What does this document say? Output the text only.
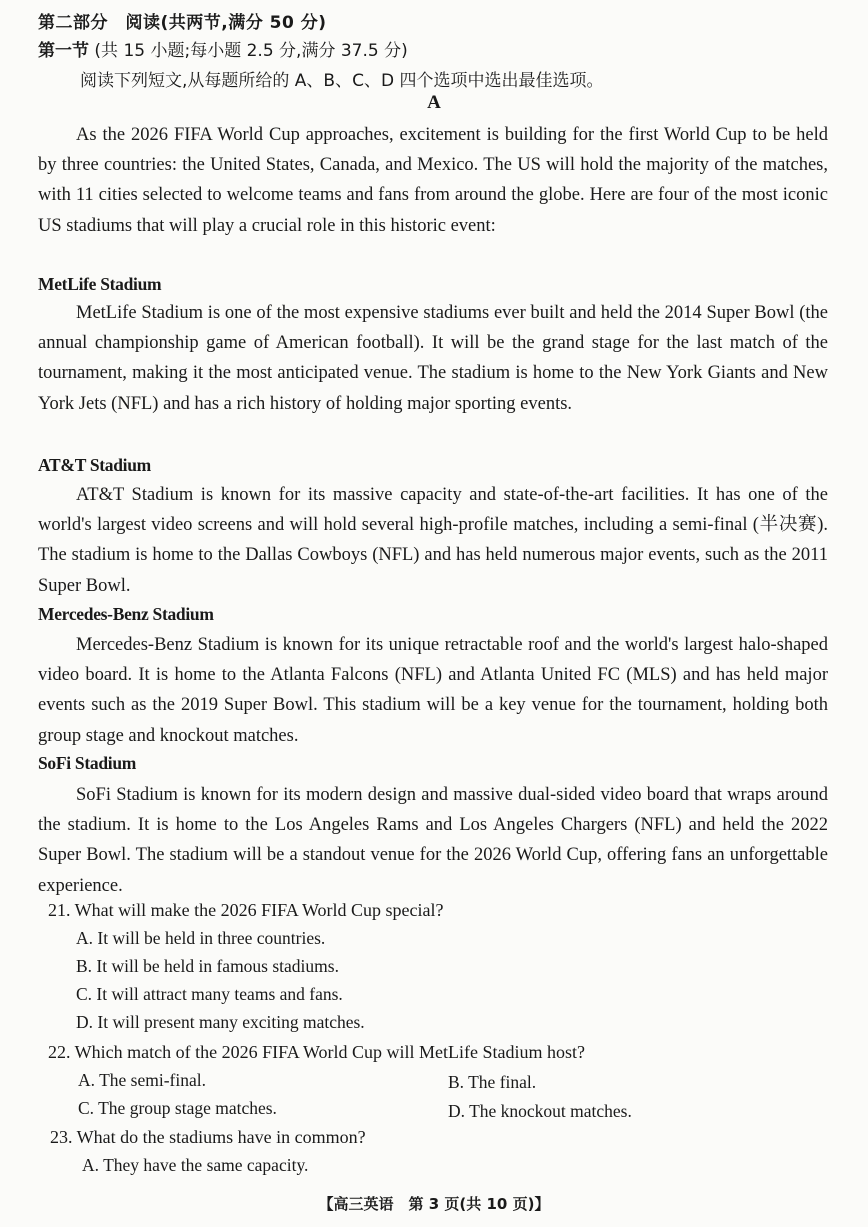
第二部分　阅读(共两节,满分 50 分)
第一节 (共 15 小题;每小题 2.5 分,满分 37.5 分)
阅读下列短文,从每题所给的 A、B、C、D 四个选项中选出最佳选项。
A

As the 2026 FIFA World Cup approaches, excitement is building for the first World Cup to be held by three countries: the United States, Canada, and Mexico. The US will hold the majority of the matches, with 11 cities selected to welcome teams and fans from around the globe. Here are four of the most iconic US stadiums that will play a crucial role in this historic event:

MetLife Stadium

MetLife Stadium is one of the most expensive stadiums ever built and held the 2014 Super Bowl (the annual championship game of American football). It will be the grand stage for the last match of the tournament, making it the most anticipated venue. The stadium is home to the New York Giants and New York Jets (NFL) and has a rich history of holding major sporting events.

AT&T Stadium

AT&T Stadium is known for its massive capacity and state-of-the-art facilities. It has one of the world's largest video screens and will hold several high-profile matches, including a semi-final (半决赛). The stadium is home to the Dallas Cowboys (NFL) and has held numerous major events, such as the 2011 Super Bowl.

Mercedes-Benz Stadium

Mercedes-Benz Stadium is known for its unique retractable roof and the world's largest halo-shaped video board. It is home to the Atlanta Falcons (NFL) and Atlanta United FC (MLS) and has held major events such as the 2019 Super Bowl. This stadium will be a key venue for the tournament, holding both group stage and knockout matches.

SoFi Stadium

SoFi Stadium is known for its modern design and massive dual-sided video board that wraps around the stadium. It is home to the Los Angeles Rams and Los Angeles Chargers (NFL) and held the 2022 Super Bowl. The stadium will be a standout venue for the 2026 World Cup, offering fans an unforgettable experience.

21. What will make the 2026 FIFA World Cup special?
A. It will be held in three countries.
B. It will be held in famous stadiums.
C. It will attract many teams and fans.
D. It will present many exciting matches.
22. Which match of the 2026 FIFA World Cup will MetLife Stadium host?
A. The semi-final.	B. The final.
C. The group stage matches.	D. The knockout matches.
23. What do the stadiums have in common?
A. They have the same capacity.
【高三英语　第 3 页(共 10 页)】
